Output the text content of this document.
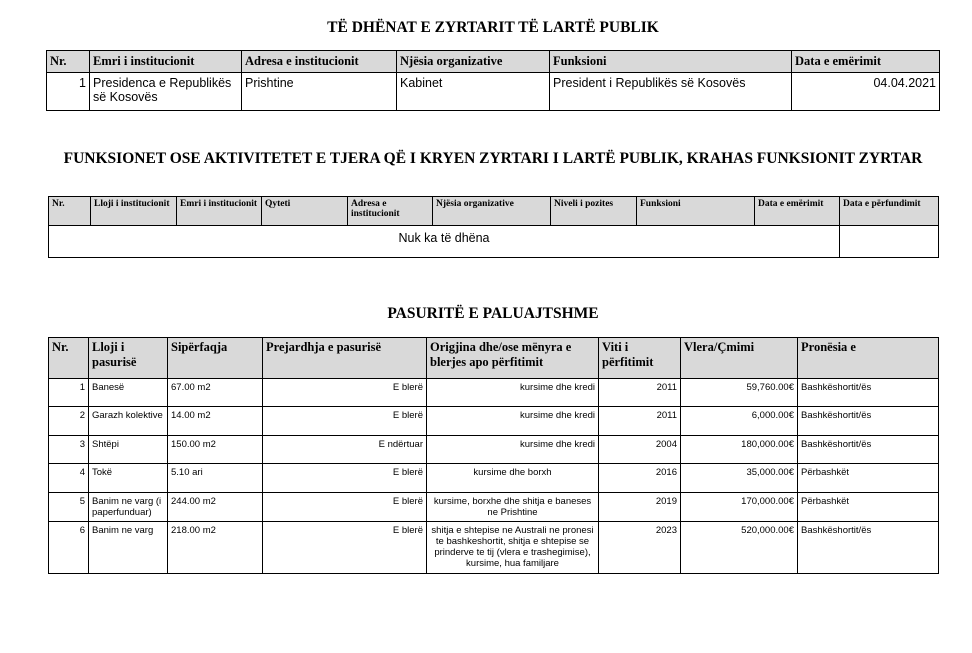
TË DHËNAT E ZYRTARIT TË LARTË PUBLIK
Nr.	Emri i institucionit	Adresa e institucionit	Njësia organizative	Funksioni	Data e emërimit
1	Presidenca e Republikës së Kosovës	Prishtine	Kabinet	President i Republikës së Kosovës	04.04.2021
FUNKSIONET OSE AKTIVITETET E TJERA QË I KRYEN ZYRTARI I LARTË PUBLIK, KRAHAS FUNKSIONIT ZYRTAR
Nr.	Lloji i institucionit	Emri i institucionit	Qyteti	Adresa e institucionit	Njësia organizative	Niveli i pozites	Funksioni	Data e emërimit	Data e përfundimit
Nuk ka të dhëna									
PASURITË E PALUAJTSHME
Nr.	Lloji i pasurisë	Sipërfaqja	Prejardhja e pasurisë	Origjina dhe/ose mënyra e blerjes apo përfitimit	Viti i përfitimit	Vlera/Çmimi	Pronësia e
1	Banesë	67.00 m2	E blerë	kursime dhe kredi	2011	59,760.00€	Bashkëshortit/ës
2	Garazh kolektive	14.00 m2	E blerë	kursime dhe kredi	2011	6,000.00€	Bashkëshortit/ës
3	Shtëpi	150.00 m2	E ndërtuar	kursime dhe kredi	2004	180,000.00€	Bashkëshortit/ës
4	Tokë	5.10 ari	E blerë	kursime dhe borxh	2016	35,000.00€	Përbashkët
5	Banim ne varg (i paperfunduar)	244.00 m2	E blerë	kursime, borxhe dhe shitja e baneses ne Prishtine	2019	170,000.00€	Përbashkët
6	Banim ne varg	218.00 m2	E blerë	shitja e shtepise ne Australi ne pronesi te bashkeshortit, shitja e shtepise se prinderve te tij (vlera e trashegimise), kursime, hua familjare	2023	520,000.00€	Bashkëshortit/ës
